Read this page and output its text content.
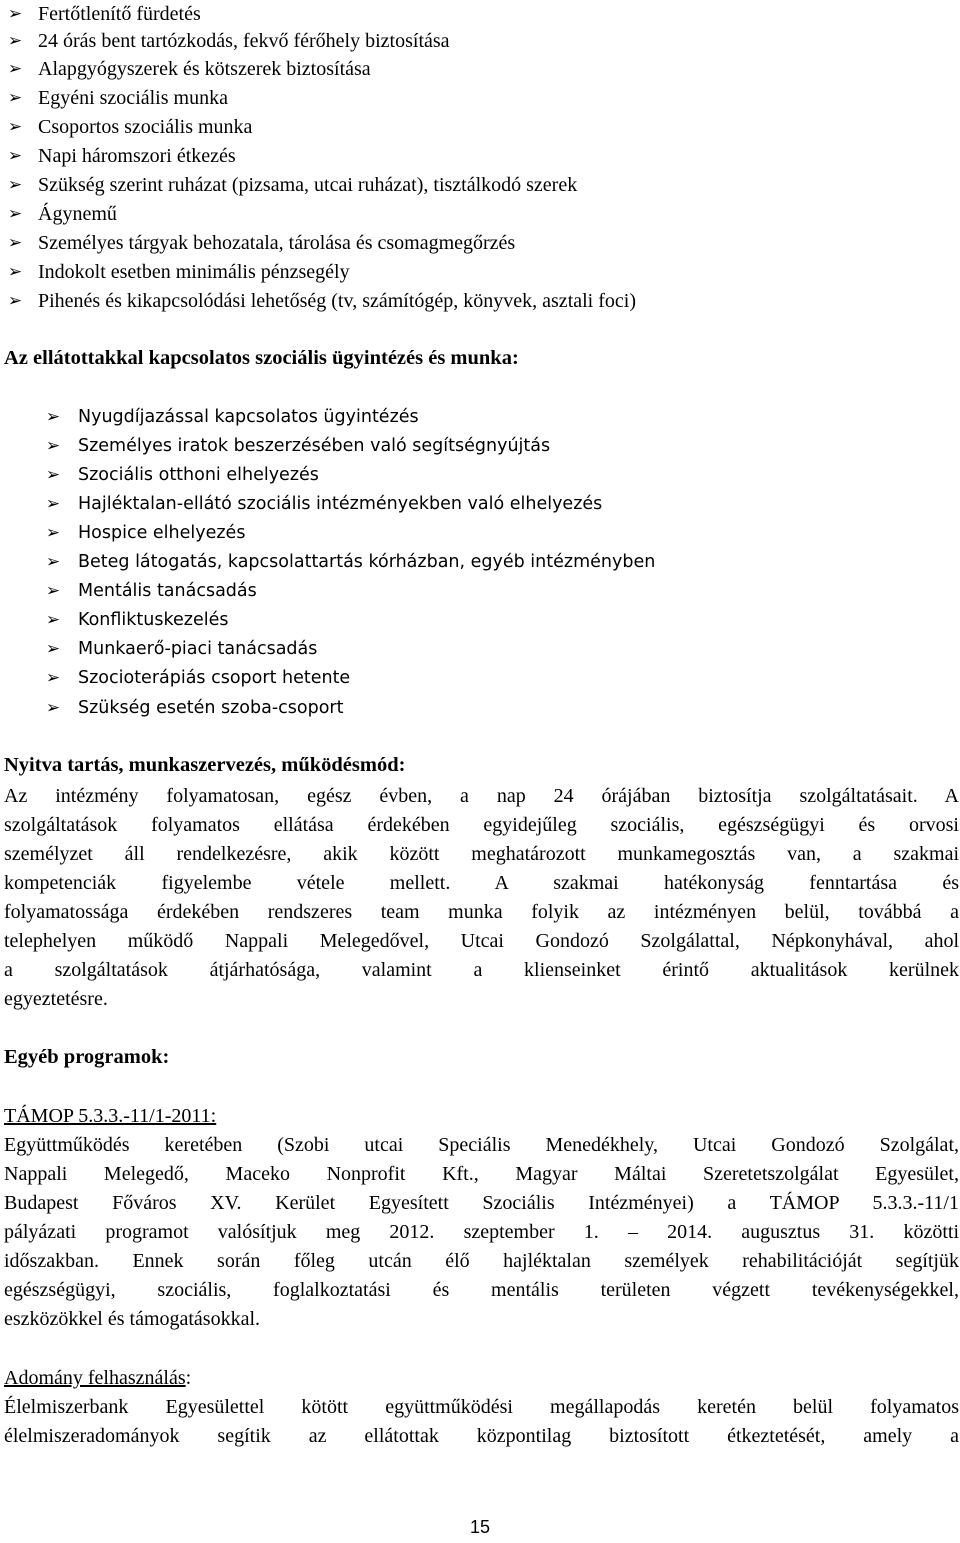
➢ Fertőtlenítő fürdetés
➢ 24 órás bent tartózkodás, fekvő férőhely biztosítása
➢ Alapgyógyszerek és kötszerek biztosítása
➢ Egyéni szociális munka
➢ Csoportos szociális munka
➢ Napi háromszori étkezés
➢ Szükség szerint ruházat (pizsama, utcai ruházat), tisztálkodó szerek
➢ Ágynemű
➢ Személyes tárgyak behozatala, tárolása és csomagmegőrzés
➢ Indokolt esetben minimális pénzsegély
➢ Pihenés és kikapcsolódási lehetőség (tv, számítógép, könyvek, asztali foci)
Az ellátottakkal kapcsolatos szociális ügyintézés és munka:
➢	Nyugdíjazással kapcsolatos ügyintézés
➢	Személyes iratok beszerzésében való segítségnyújtás
➢	Szociális otthoni elhelyezés
➢	Hajléktalan-ellátó szociális intézményekben való elhelyezés
➢	Hospice elhelyezés
➢	Beteg látogatás, kapcsolattartás kórházban, egyéb intézményben
➢	Mentális tanácsadás
➢	Konfliktuskezelés
➢	Munkaerő-piaci tanácsadás
➢	Szocioterápiás csoport hetente
➢	Szükség esetén szoba-csoport
Nyitva tartás, munkaszervezés, működésmód:
Az intézmény folyamatosan, egész évben, a nap 24 órájában biztosítja szolgáltatásait. A
szolgáltatások folyamatos ellátása érdekében egyidejűleg szociális, egészségügyi és orvosi
személyzet áll rendelkezésre, akik között meghatározott munkamegosztás van, a szakmai
kompetenciák figyelembe vétele mellett. A szakmai hatékonyság fenntartása és
folyamatossága érdekében rendszeres team munka folyik az intézményen belül, továbbá a
telephelyen működő Nappali Melegedővel, Utcai Gondozó Szolgálattal, Népkonyhával, ahol
a szolgáltatások átjárhatósága, valamint a klienseinket érintő aktualitások kerülnek
egyeztetésre.
Egyéb programok:
TÁMOP 5.3.3.-11/1-2011:
Együttműködés keretében (Szobi utcai Speciális Menedékhely, Utcai Gondozó Szolgálat,
Nappali Melegedő, Maceko Nonprofit Kft., Magyar Máltai Szeretetszolgálat Egyesület,
Budapest Főváros XV. Kerület Egyesített Szociális Intézményei) a TÁMOP 5.3.3.-11/1
pályázati programot valósítjuk meg 2012. szeptember 1. – 2014. augusztus 31. közötti
időszakban. Ennek során főleg utcán élő hajléktalan személyek rehabilitációját segítjük
egészségügyi, szociális, foglalkoztatási és mentális területen végzett tevékenységekkel,
eszközökkel és támogatásokkal.
Adomány felhasználás:
Élelmiszerbank Egyesülettel kötött együttműködési megállapodás keretén belül folyamatos
élelmiszeradományok segítik az ellátottak központilag biztosított étkeztetését, amely a
15
